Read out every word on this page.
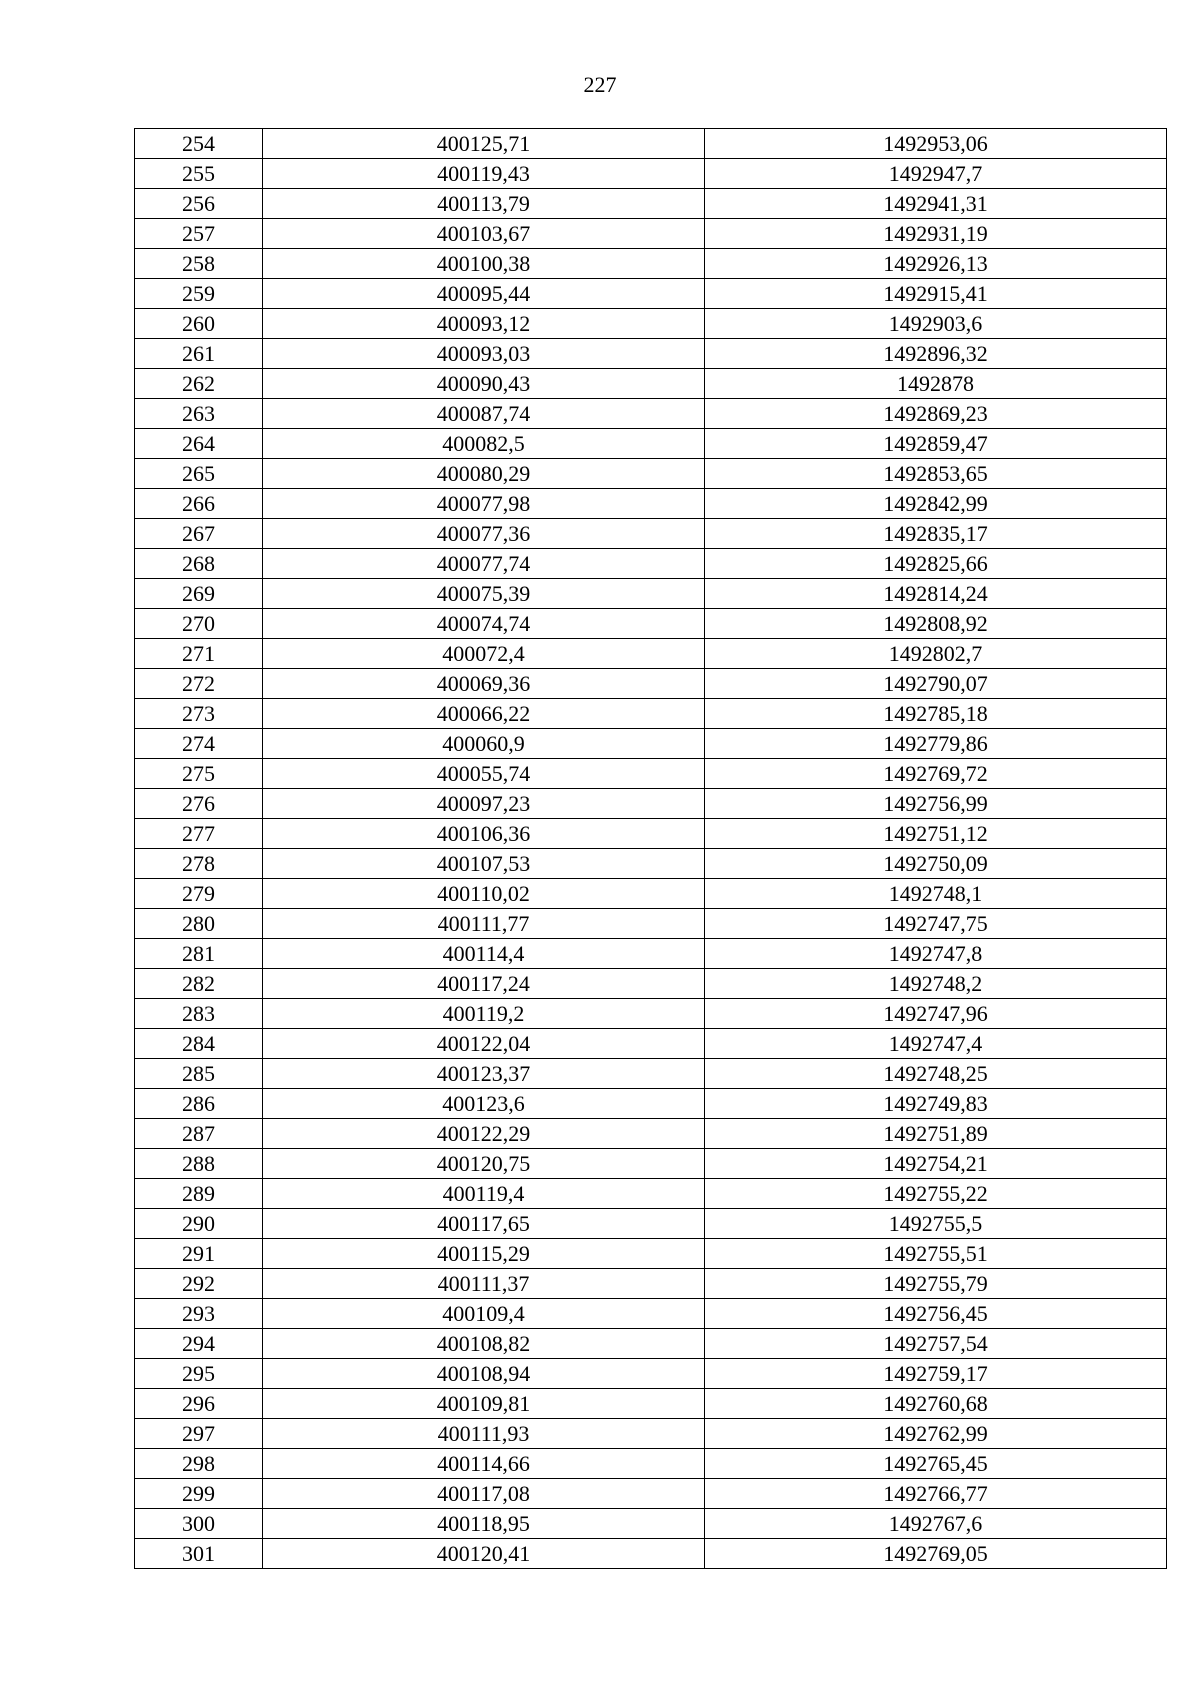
227
254	400125,71	1492953,06
255	400119,43	1492947,7
256	400113,79	1492941,31
257	400103,67	1492931,19
258	400100,38	1492926,13
259	400095,44	1492915,41
260	400093,12	1492903,6
261	400093,03	1492896,32
262	400090,43	1492878
263	400087,74	1492869,23
264	400082,5	1492859,47
265	400080,29	1492853,65
266	400077,98	1492842,99
267	400077,36	1492835,17
268	400077,74	1492825,66
269	400075,39	1492814,24
270	400074,74	1492808,92
271	400072,4	1492802,7
272	400069,36	1492790,07
273	400066,22	1492785,18
274	400060,9	1492779,86
275	400055,74	1492769,72
276	400097,23	1492756,99
277	400106,36	1492751,12
278	400107,53	1492750,09
279	400110,02	1492748,1
280	400111,77	1492747,75
281	400114,4	1492747,8
282	400117,24	1492748,2
283	400119,2	1492747,96
284	400122,04	1492747,4
285	400123,37	1492748,25
286	400123,6	1492749,83
287	400122,29	1492751,89
288	400120,75	1492754,21
289	400119,4	1492755,22
290	400117,65	1492755,5
291	400115,29	1492755,51
292	400111,37	1492755,79
293	400109,4	1492756,45
294	400108,82	1492757,54
295	400108,94	1492759,17
296	400109,81	1492760,68
297	400111,93	1492762,99
298	400114,66	1492765,45
299	400117,08	1492766,77
300	400118,95	1492767,6
301	400120,41	1492769,05
